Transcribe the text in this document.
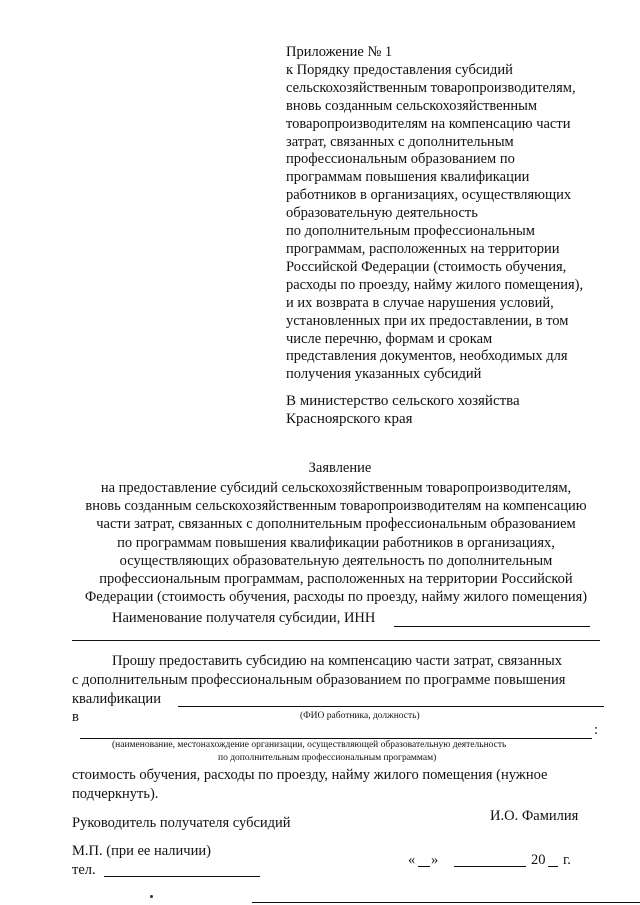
Приложение № 1
к Порядку предоставления субсидий
сельскохозяйственным товаропроизводителям,
вновь созданным сельскохозяйственным
товаропроизводителям на компенсацию части
затрат, связанных с дополнительным
профессиональным образованием по
программам повышения квалификации
работников в организациях, осуществляющих
образовательную деятельность
по дополнительным профессиональным
программам, расположенных на территории
Российской Федерации (стоимость обучения,
расходы по проезду, найму жилого помещения),
и их возврата в случае нарушения условий,
установленных при их предоставлении, в том
числе перечню, формам и срокам
представления документов, необходимых для
получения указанных субсидий
В министерство сельского хозяйства
Красноярского края
Заявление
на предоставление субсидий сельскохозяйственным товаропроизводителям,
вновь созданным сельскохозяйственным товаропроизводителям на компенсацию
части затрат, связанных с дополнительным профессиональным образованием
по программам повышения квалификации работников в организациях,
осуществляющих образовательную деятельность по дополнительным
профессиональным программам, расположенных на территории Российской
Федерации (стоимость обучения, расходы по проезду, найму жилого помещения)
Наименование получателя субсидии, ИНН
Прошу предоставить субсидию на компенсацию части затрат, связанных
с дополнительным профессиональным образованием по программе повышения
квалификации
в	(ФИО работника, должность)
:
(наименование, местонахождение организации, осуществляющей образовательную деятельность
по дополнительным профессиональным программам)
стоимость обучения, расходы по проезду, найму жилого помещения (нужное
подчеркнуть).
Руководитель получателя субсидий	И.О. Фамилия
М.П. (при ее наличии)
тел.
« »	20 г.
